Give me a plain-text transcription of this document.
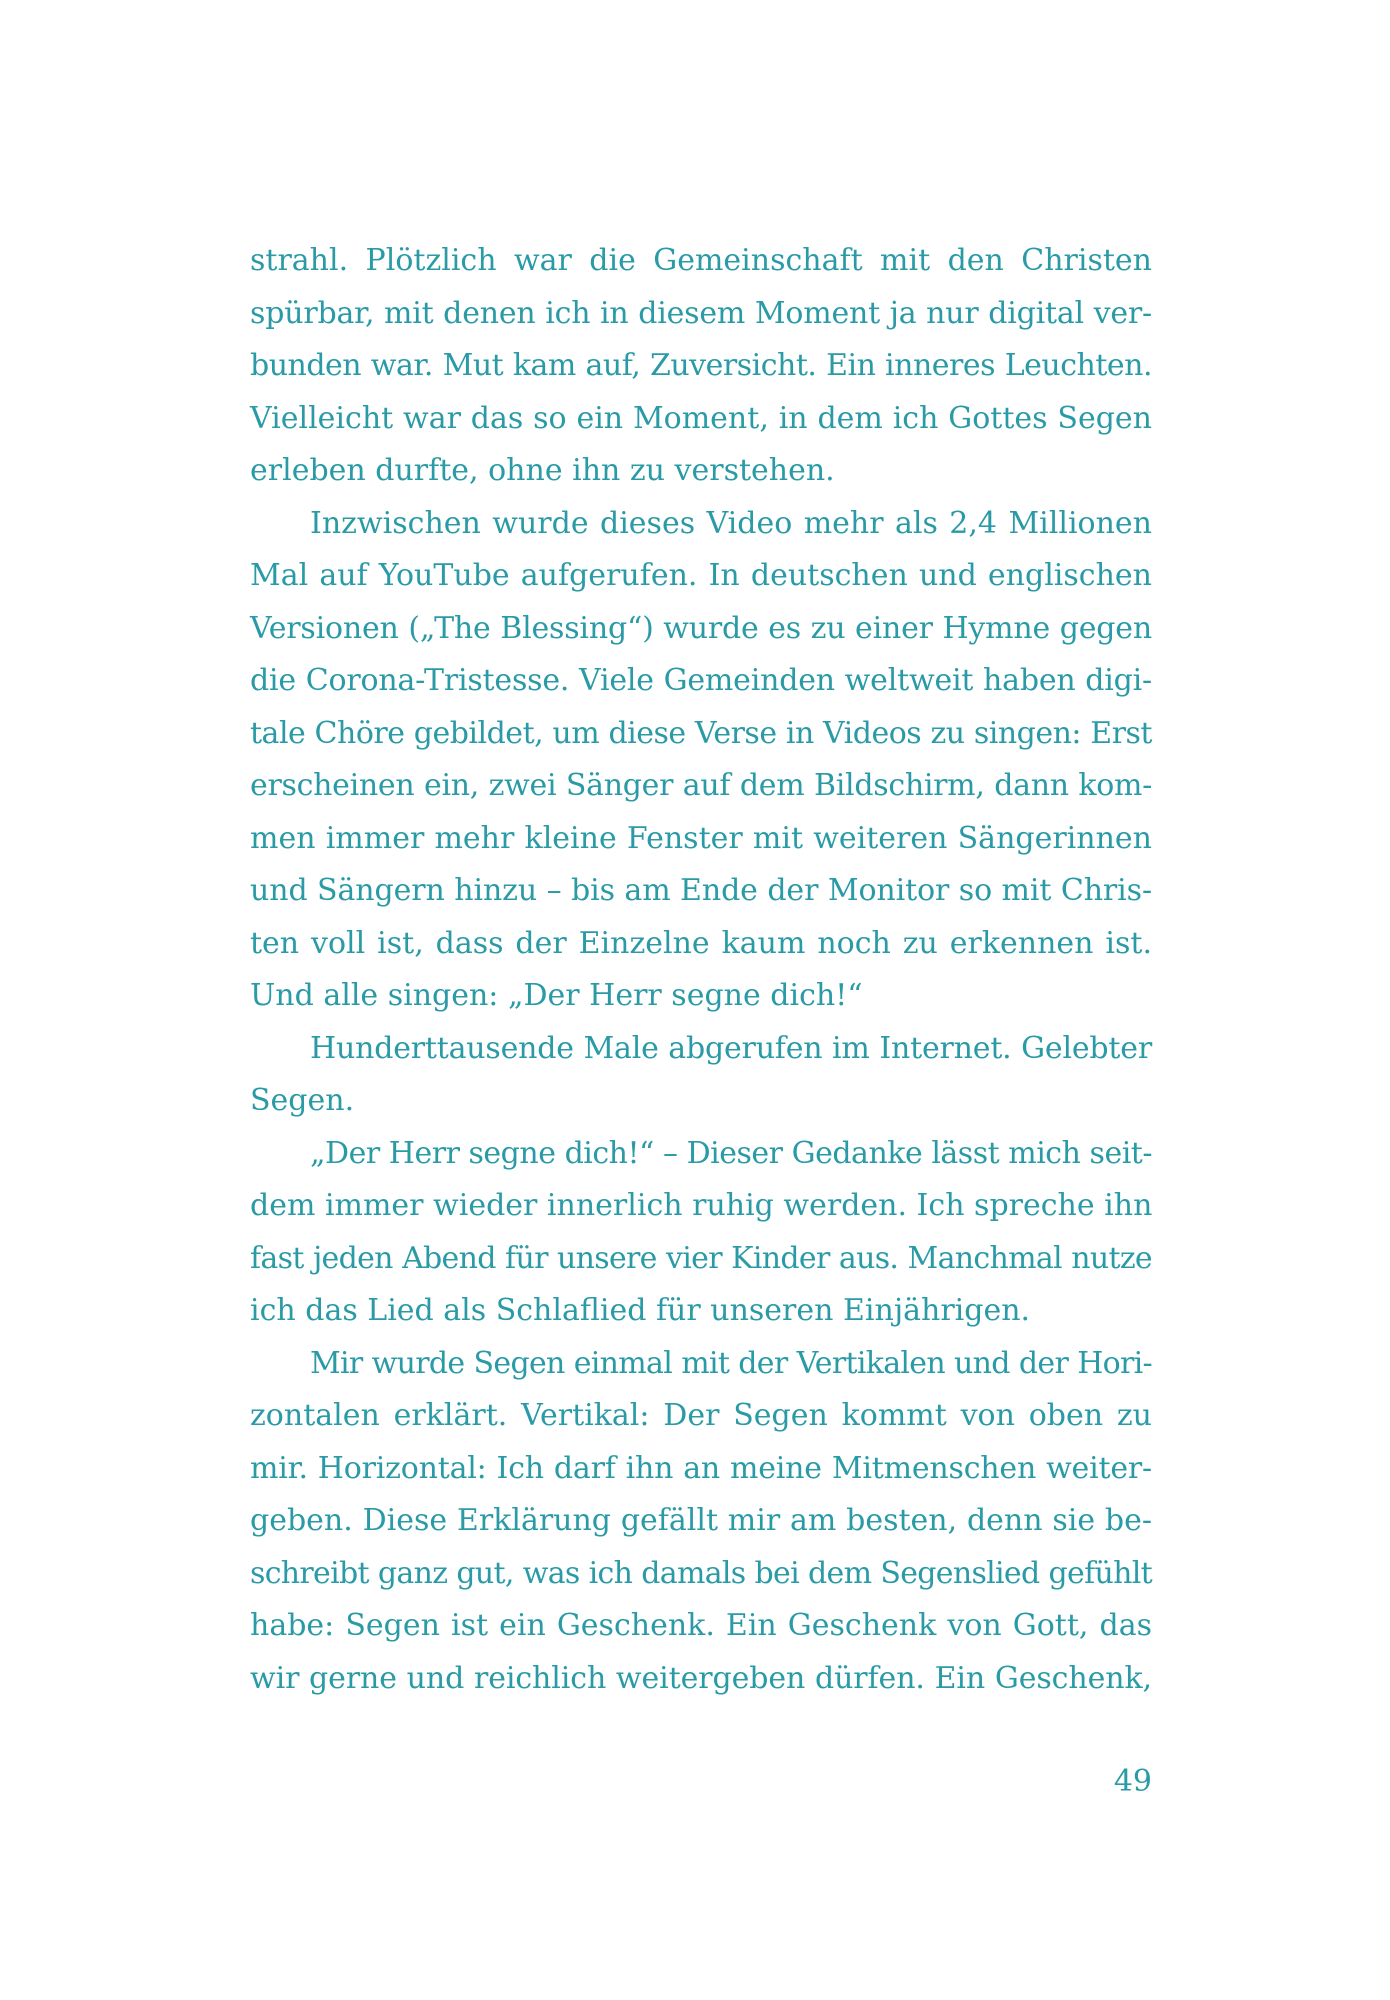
strahl. Plötzlich war die Gemeinschaft mit den Christen
spürbar, mit denen ich in diesem Moment ja nur digital ver-
bunden war. Mut kam auf, Zuversicht. Ein inneres Leuchten.
Vielleicht war das so ein Moment, in dem ich Gottes Segen
erleben durfte, ohne ihn zu verstehen.
Inzwischen wurde dieses Video mehr als 2,4 Millionen
Mal auf YouTube aufgerufen. In deutschen und englischen
Versionen („The Blessing“) wurde es zu einer Hymne gegen
die Corona-Tristesse. Viele Gemeinden weltweit haben digi-
tale Chöre gebildet, um diese Verse in Videos zu singen: Erst
erscheinen ein, zwei Sänger auf dem Bildschirm, dann kom-
men immer mehr kleine Fenster mit weiteren Sängerinnen
und Sängern hinzu – bis am Ende der Monitor so mit Chris-
ten voll ist, dass der Einzelne kaum noch zu erkennen ist.
Und alle singen: „Der Herr segne dich!“
Hunderttausende Male abgerufen im Internet. Gelebter
Segen.
„Der Herr segne dich!“ – Dieser Gedanke lässt mich seit-
dem immer wieder innerlich ruhig werden. Ich spreche ihn
fast jeden Abend für unsere vier Kinder aus. Manchmal nutze
ich das Lied als Schlaflied für unseren Einjährigen.
Mir wurde Segen einmal mit der Vertikalen und der Hori-
zontalen erklärt. Vertikal: Der Segen kommt von oben zu
mir. Horizontal: Ich darf ihn an meine Mitmenschen weiter-
geben. Diese Erklärung gefällt mir am besten, denn sie be-
schreibt ganz gut, was ich damals bei dem Segenslied gefühlt
habe: Segen ist ein Geschenk. Ein Geschenk von Gott, das
wir gerne und reichlich weitergeben dürfen. Ein Geschenk,
49
